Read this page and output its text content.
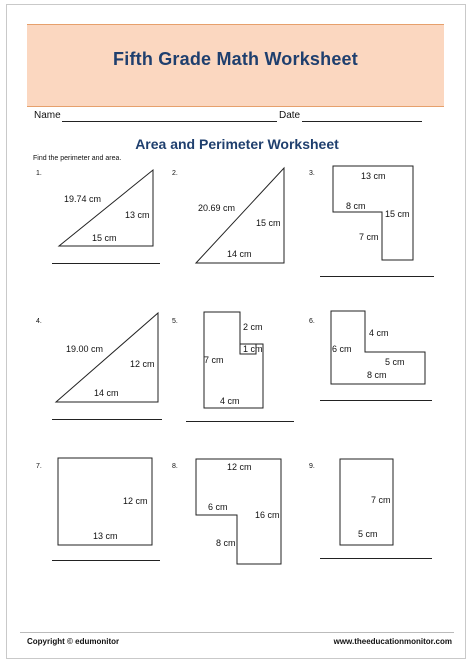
Fifth Grade Math Worksheet
Name	Date
Area and Perimeter Worksheet
Find the perimeter and area.
1.
19.74 cm
13 cm
15 cm
2.
20.69 cm
15 cm
14 cm
3.	13 cm
8 cm
15 cm
7 cm
4.
19.00 cm
12 cm
14 cm
5.
2 cm
1 cm
7 cm
4 cm
6.
4 cm
6 cm
5 cm
8 cm
7.
12 cm
13 cm
8.	12 cm
6 cm
16 cm
8 cm
9.
7 cm
5 cm
Copyright © edumonitor	www.theeducationmonitor.com
